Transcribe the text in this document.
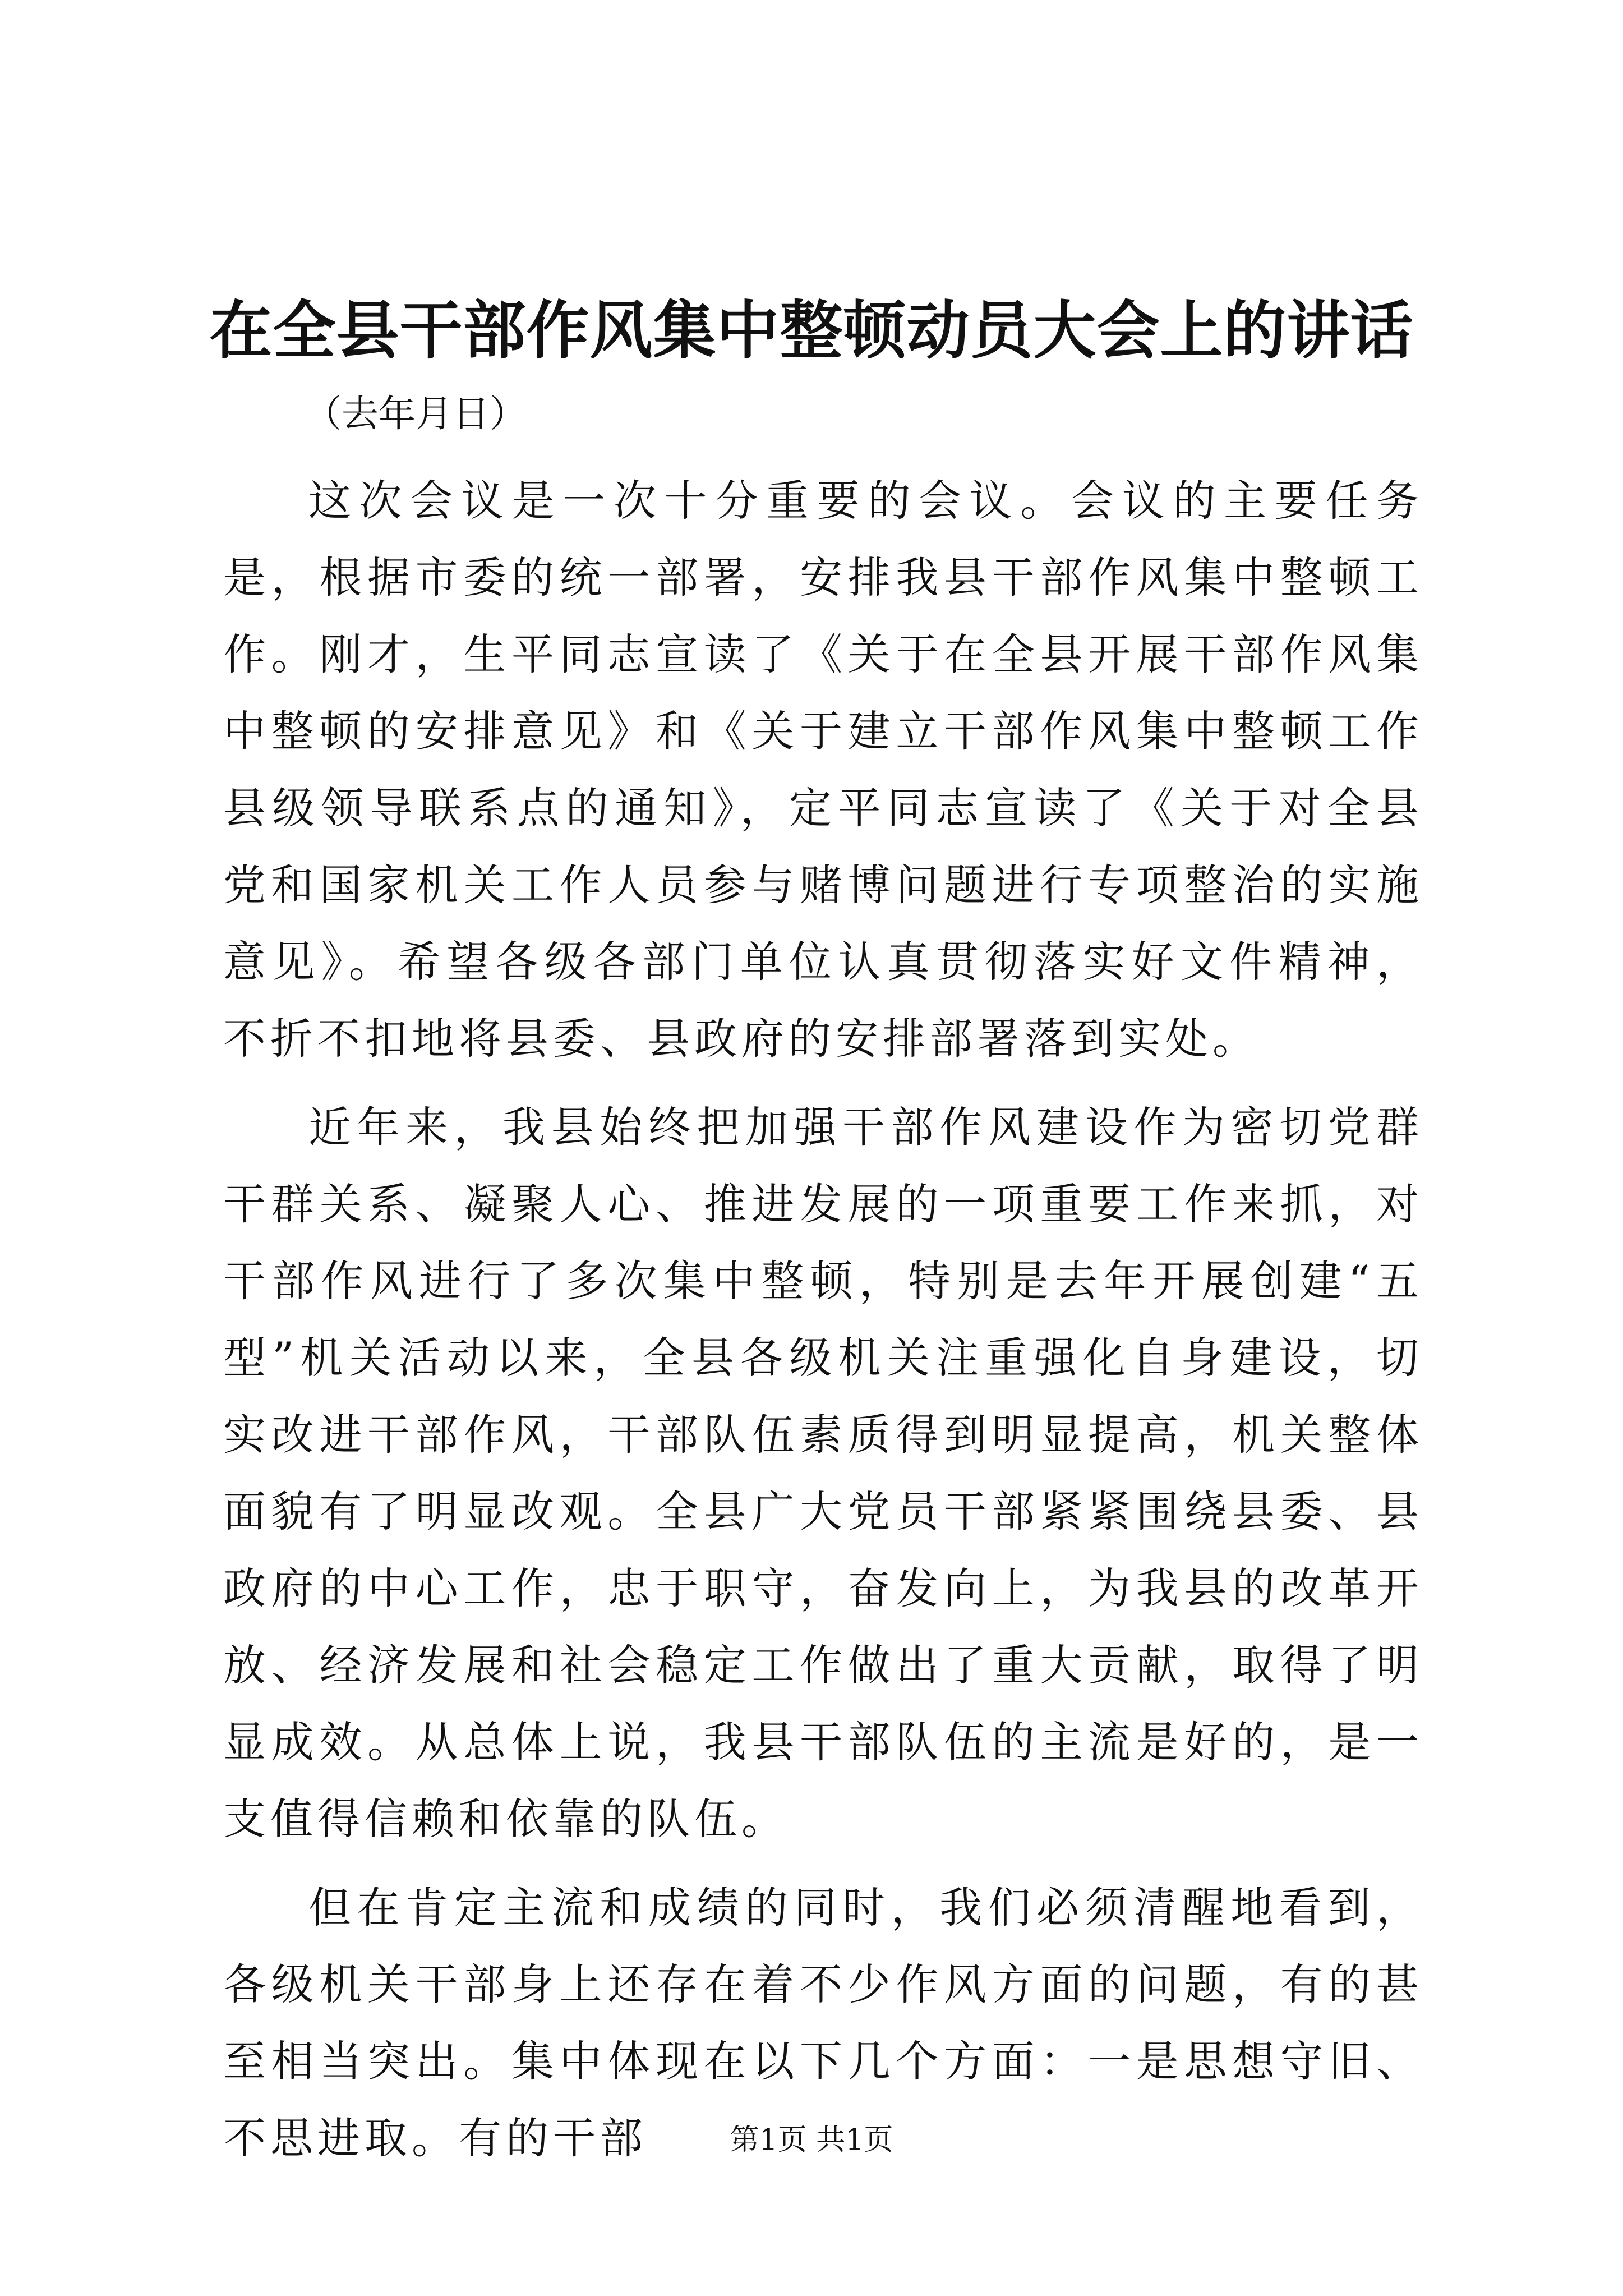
在全县干部作风集中整顿动员大会上的讲话
（去年月日）

这次会议是一次十分重要的会议。会议的主要任务是，根据市委的统一部署，安排我县干部作风集中整顿工作。刚才，生平同志宣读了《关于在全县开展干部作风集中整顿的安排意见》和《关于建立干部作风集中整顿工作县级领导联系点的通知》，定平同志宣读了《关于对全县党和国家机关工作人员参与赌博问题进行专项整治的实施意见》。希望各级各部门单位认真贯彻落实好文件精神，不折不扣地将县委、县政府的安排部署落到实处。

近年来，我县始终把加强干部作风建设作为密切党群干群关系、凝聚人心、推进发展的一项重要工作来抓，对干部作风进行了多次集中整顿，特别是去年开展创建“五型”机关活动以来，全县各级机关注重强化自身建设，切实改进干部作风，干部队伍素质得到明显提高，机关整体面貌有了明显改观。全县广大党员干部紧紧围绕县委、县政府的中心工作，忠于职守，奋发向上，为我县的改革开放、经济发展和社会稳定工作做出了重大贡献，取得了明显成效。从总体上说，我县干部队伍的主流是好的，是一支值得信赖和依靠的队伍。

但在肯定主流和成绩的同时，我们必须清醒地看到，各级机关干部身上还存在着不少作风方面的问题，有的甚至相当突出。集中体现在以下几个方面：一是思想守旧、不思进取。有的干部	第1页 共1页
